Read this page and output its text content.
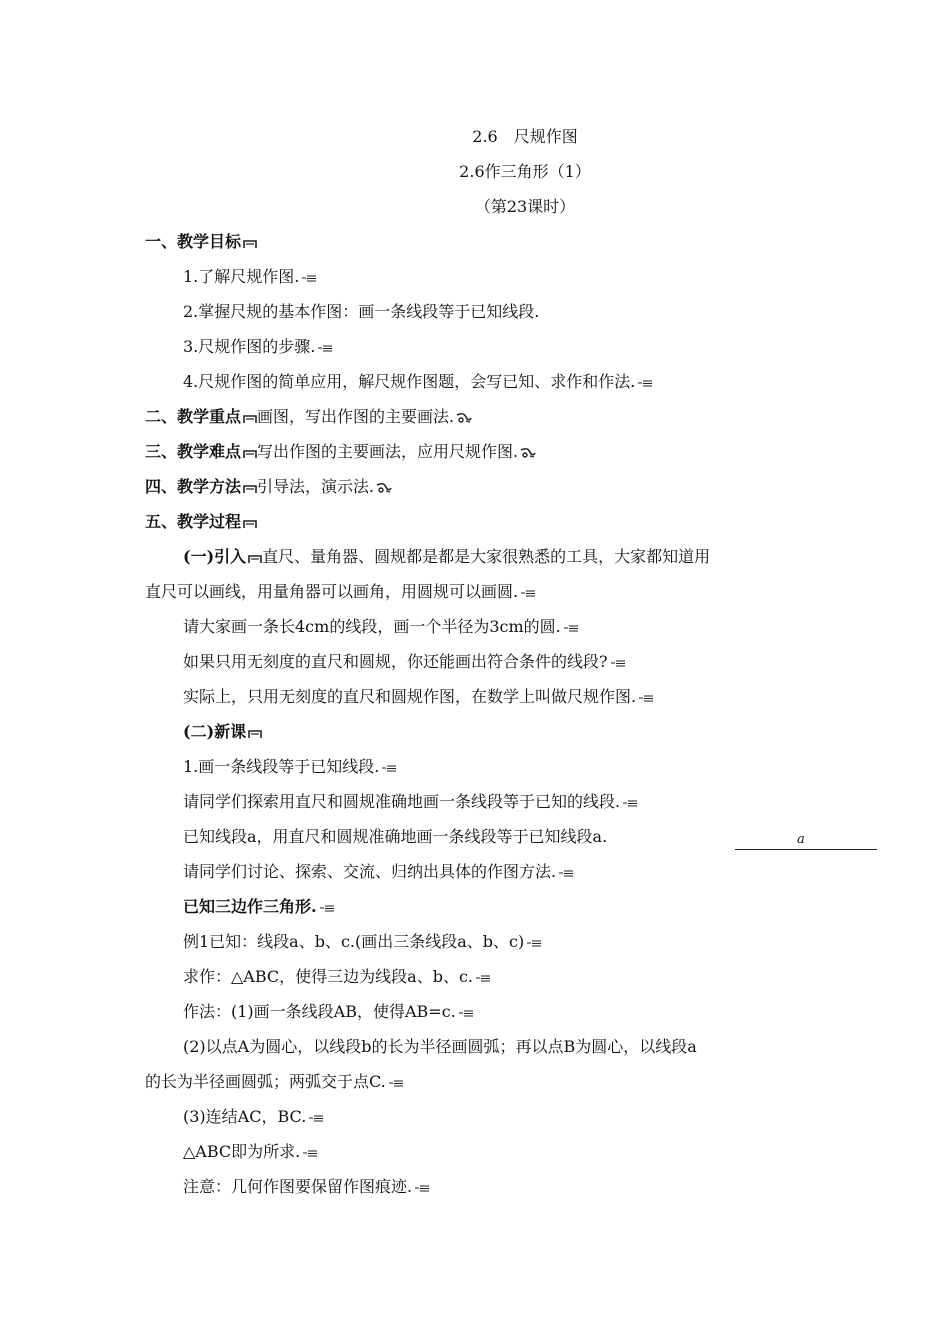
2.6　尺规作图
2.6作三角形（1）
（第23课时）
一、教学目标
1.了解尺规作图.
2.掌握尺规的基本作图：画一条线段等于已知线段.
3.尺规作图的步骤.
4.尺规作图的简单应用，解尺规作图题，会写已知、求作和作法.
二、教学重点 画图，写出作图的主要画法.
三、教学难点 写出作图的主要画法，应用尺规作图.
四、教学方法 引导法，演示法.
五、教学过程
(一)引入 直尺、量角器、圆规都是都是大家很熟悉的工具，大家都知道用
直尺可以画线，用量角器可以画角，用圆规可以画圆.
请大家画一条长4cm的线段，画一个半径为3cm的圆.
如果只用无刻度的直尺和圆规，你还能画出符合条件的线段?
实际上，只用无刻度的直尺和圆规作图，在数学上叫做尺规作图.
(二)新课
1.画一条线段等于已知线段.
请同学们探索用直尺和圆规准确地画一条线段等于已知的线段.
已知线段a，用直尺和圆规准确地画一条线段等于已知线段a.
请同学们讨论、探索、交流、归纳出具体的作图方法.
a
已知三边作三角形.
例1已知：线段a、b、c.(画出三条线段a、b、c)
求作：△ABC，使得三边为线段a、b、c.
作法：(1)画一条线段AB，使得AB=c.
(2)以点A为圆心，以线段b的长为半径画圆弧；再以点B为圆心，以线段a
的长为半径画圆弧；两弧交于点C.
(3)连结AC，BC.
△ABC即为所求.
注意：几何作图要保留作图痕迹.
